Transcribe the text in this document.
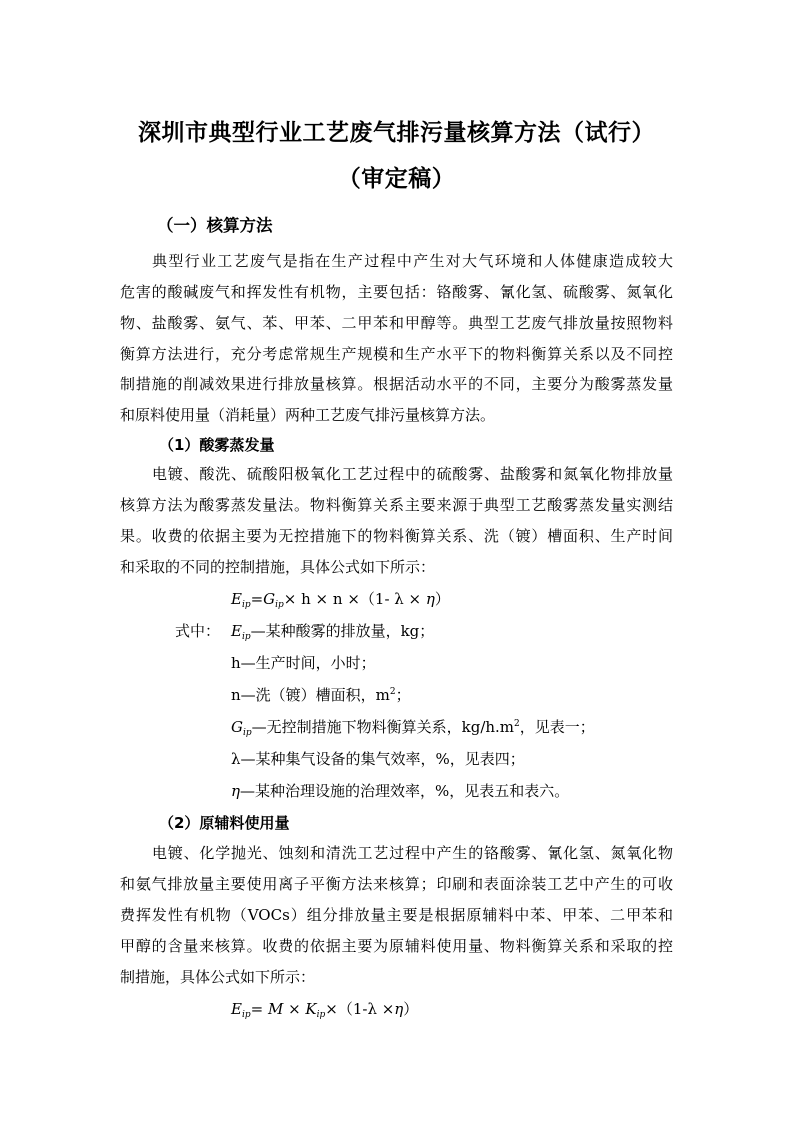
深圳市典型行业工艺废气排污量核算方法（试行）
（审定稿）
（一）核算方法
典型行业工艺废气是指在生产过程中产生对大气环境和人体健康造成较大
危害的酸碱废气和挥发性有机物，主要包括：铬酸雾、氰化氢、硫酸雾、氮氧化
物、盐酸雾、氨气、苯、甲苯、二甲苯和甲醇等。典型工艺废气排放量按照物料
衡算方法进行，充分考虑常规生产规模和生产水平下的物料衡算关系以及不同控
制措施的削减效果进行排放量核算。根据活动水平的不同，主要分为酸雾蒸发量
和原料使用量（消耗量）两种工艺废气排污量核算方法。
（1）酸雾蒸发量
电镀、酸洗、硫酸阳极氧化工艺过程中的硫酸雾、盐酸雾和氮氧化物排放量
核算方法为酸雾蒸发量法。物料衡算关系主要来源于典型工艺酸雾蒸发量实测结
果。收费的依据主要为无控措施下的物料衡算关系、洗（镀）槽面积、生产时间
和采取的不同的控制措施，具体公式如下所示：
$E_{ip}=G_{ip}\times h \times n \times(1-$ λ × η）
式中： $E_{ip}—$某种酸雾的排放量，kg；
h—生产时间，小时；
n—洗（镀）槽面积，$m^2$；
$G_{ip}—$无控制措施下物料衡算关系，$kg/h.m^2$，见表一；
λ—某种集气设备的集气效率，%，见表四；
η—某种治理设施的治理效率，%，见表五和表六。
（2）原辅料使用量
电镀、化学抛光、蚀刻和清洗工艺过程中产生的铬酸雾、氰化氢、氮氧化物
和氨气排放量主要使用离子平衡方法来核算；印刷和表面涂装工艺中产生的可收
费挥发性有机物（VOCs）组分排放量主要是根据原辅料中苯、甲苯、二甲苯和
甲醇的含量来核算。收费的依据主要为原辅料使用量、物料衡算关系和采取的控
制措施，具体公式如下所示：
$E_{ip}= M \times K_{ip}\times(1-\lambda \times\eta)$
